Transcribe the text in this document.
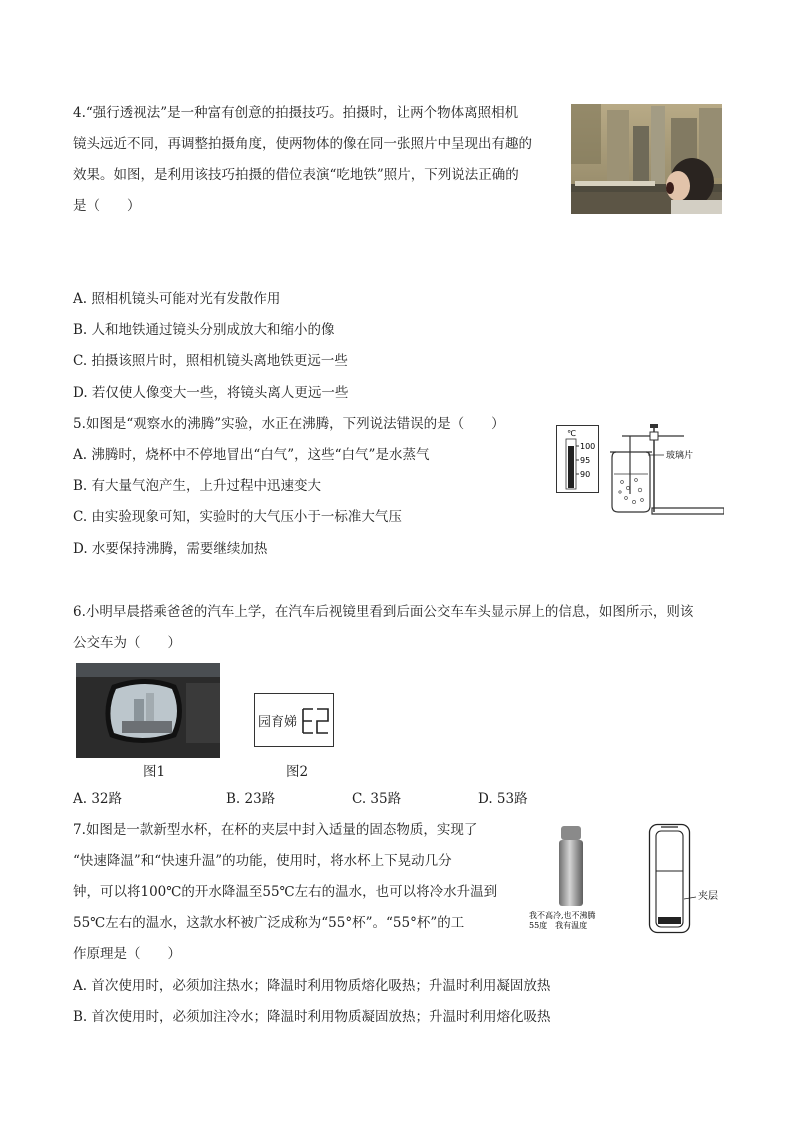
4.“强行透视法”是一种富有创意的拍摄技巧。拍摄时，让两个物体离照相机
镜头远近不同，再调整拍摄角度，使两物体的像在同一张照片中呈现出有趣的
效果。如图，是利用该技巧拍摄的借位表演“吃地铁”照片，下列说法正确的
是（　　）
A. 照相机镜头可能对光有发散作用
B. 人和地铁通过镜头分别成放大和缩小的像
C. 拍摄该照片时，照相机镜头离地铁更远一些
D. 若仅使人像变大一些，将镜头离人更远一些
5.如图是“观察水的沸腾”实验，水正在沸腾，下列说法错误的是（　　）
A. 沸腾时，烧杯中不停地冒出“白气”，这些“白气”是水蒸气
B. 有大量气泡产生，上升过程中迅速变大
C. 由实验现象可知，实验时的大气压小于一标准大气压
D. 水要保持沸腾，需要继续加热
℃
100
95
90
玻璃片
6.小明早晨搭乘爸爸的汽车上学，在汽车后视镜里看到后面公交车车头显示屏上的信息，如图所示，则该
公交车为（　　）
图1
园育娣
图2
A. 32路	B. 23路	C. 35路	D. 53路
7.如图是一款新型水杯，在杯的夹层中封入适量的固态物质，实现了
“快速降温”和“快速升温”的功能，使用时，将水杯上下晃动几分
钟，可以将100℃的开水降温至55℃左右的温水，也可以将冷水升温到
55℃左右的温水，这款水杯被广泛成称为“55°杯”。“55°杯”的工
作原理是（　　）
我不高冷,也不沸腾
55度　我有温度
夹层
A. 首次使用时，必须加注热水；降温时利用物质熔化吸热；升温时利用凝固放热
B. 首次使用时，必须加注冷水；降温时利用物质凝固放热；升温时利用熔化吸热
